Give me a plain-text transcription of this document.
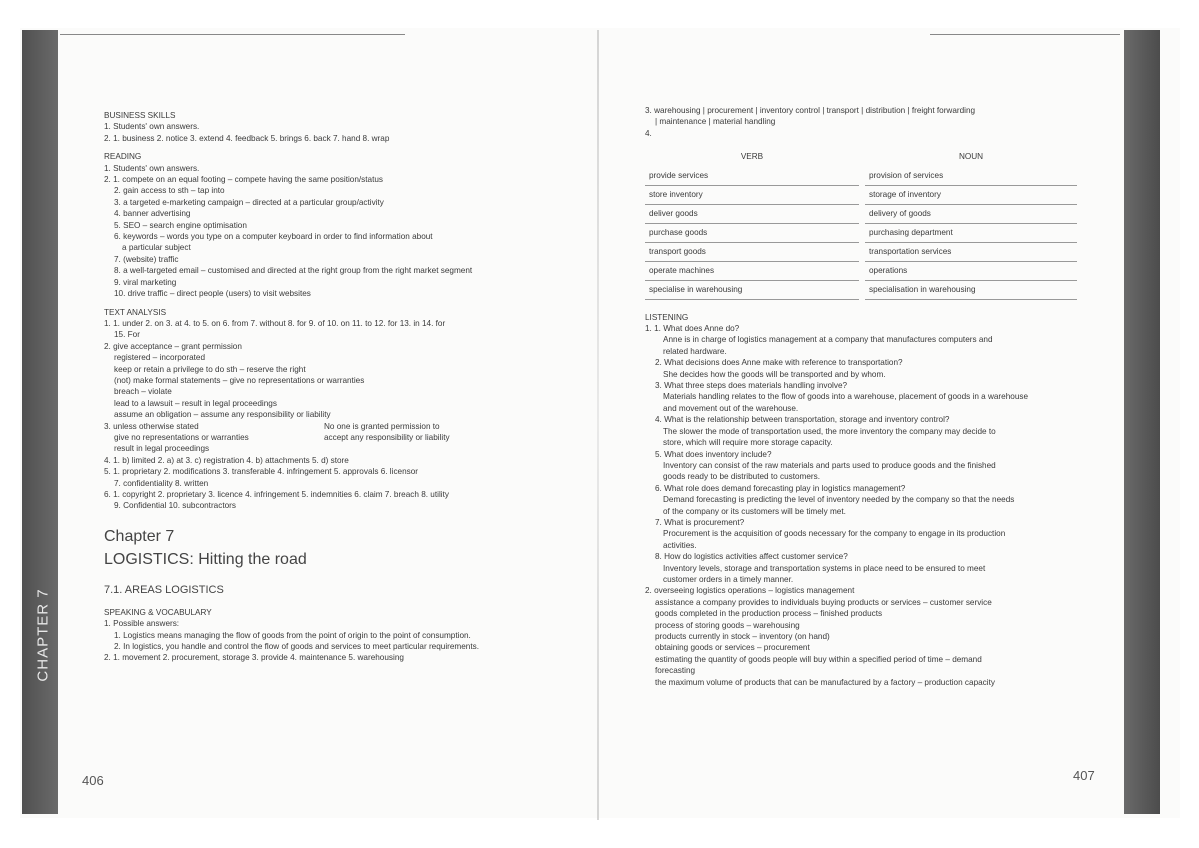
CHAPTER 7
BUSINESS SKILLS
1. Students' own answers.
2. 1. business 2. notice 3. extend 4. feedback 5. brings 6. back 7. hand 8. wrap
READING
1. Students' own answers.
2. 1. compete on an equal footing – compete having the same position/status
2. gain access to sth – tap into
3. a targeted e-marketing campaign – directed at a particular group/activity
4. banner advertising
5. SEO – search engine optimisation
6. keywords – words you type on a computer keyboard in order to find information about
a particular subject
7. (website) traffic
8. a well-targeted email – customised and directed at the right group from the right market segment
9. viral marketing
10. drive traffic – direct people (users) to visit websites
TEXT ANALYSIS
1. 1. under 2. on 3. at 4. to 5. on 6. from 7. without 8. for 9. of 10. on 11. to 12. for 13. in 14. for
15. For
2. give acceptance – grant permission
registered – incorporated
keep or retain a privilege to do sth – reserve the right
(not) make formal statements – give no representations or warranties
breach – violate
lead to a lawsuit – result in legal proceedings
assume an obligation – assume any responsibility or liability
3. unless otherwise stated	No one is granted permission to
give no representations or warranties	accept any responsibility or liability
result in legal proceedings
4. 1. b) limited 2. a) at 3. c) registration 4. b) attachments 5. d) store
5. 1. proprietary 2. modifications 3. transferable 4. infringement 5. approvals 6. licensor
7. confidentiality 8. written
6. 1. copyright 2. proprietary 3. licence 4. infringement 5. indemnities 6. claim 7. breach 8. utility
9. Confidential 10. subcontractors
Chapter 7
LOGISTICS: Hitting the road
7.1. AREAS LOGISTICS
SPEAKING & VOCABULARY
1. Possible answers:
1. Logistics means managing the flow of goods from the point of origin to the point of consumption.
2. In logistics, you handle and control the flow of goods and services to meet particular requirements.
2. 1. movement 2. procurement, storage 3. provide 4. maintenance 5. warehousing
406
3. warehousing | procurement | inventory control | transport | distribution | freight forwarding
| maintenance | material handling
4.
VERB		NOUN
provide services		provision of services
store inventory		storage of inventory
deliver goods		delivery of goods
purchase goods		purchasing department
transport goods		transportation services
operate machines		operations
specialise in warehousing		specialisation in warehousing
LISTENING
1. 1. What does Anne do?
Anne is in charge of logistics management at a company that manufactures computers and
related hardware.
2. What decisions does Anne make with reference to transportation?
She decides how the goods will be transported and by whom.
3. What three steps does materials handling involve?
Materials handling relates to the flow of goods into a warehouse, placement of goods in a warehouse
and movement out of the warehouse.
4. What is the relationship between transportation, storage and inventory control?
The slower the mode of transportation used, the more inventory the company may decide to
store, which will require more storage capacity.
5. What does inventory include?
Inventory can consist of the raw materials and parts used to produce goods and the finished
goods ready to be distributed to customers.
6. What role does demand forecasting play in logistics management?
Demand forecasting is predicting the level of inventory needed by the company so that the needs
of the company or its customers will be timely met.
7. What is procurement?
Procurement is the acquisition of goods necessary for the company to engage in its production
activities.
8. How do logistics activities affect customer service?
Inventory levels, storage and transportation systems in place need to be ensured to meet
customer orders in a timely manner.
2. overseeing logistics operations – logistics management
assistance a company provides to individuals buying products or services – customer service
goods completed in the production process – finished products
process of storing goods – warehousing
products currently in stock – inventory (on hand)
obtaining goods or services – procurement
estimating the quantity of goods people will buy within a specified period of time – demand
forecasting
the maximum volume of products that can be manufactured by a factory – production capacity
407
